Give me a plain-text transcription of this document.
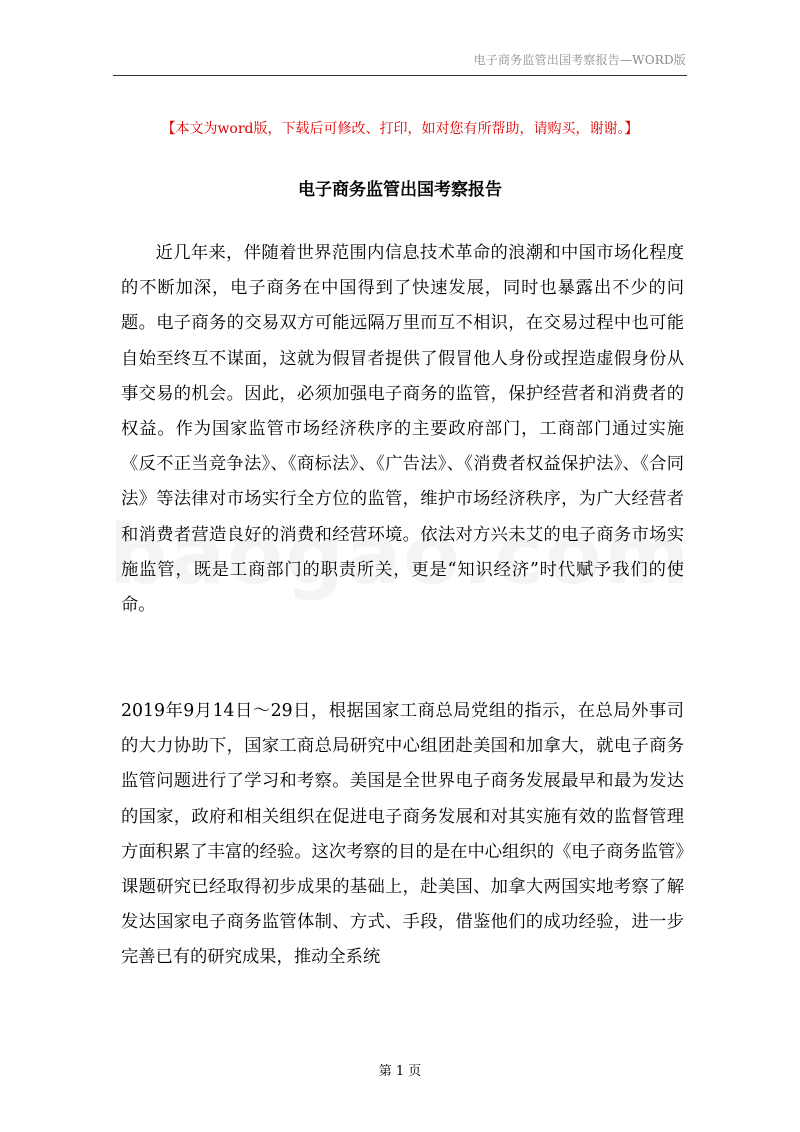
电子商务监管出国考察报告—WORD版
【本文为word版，下载后可修改、打印，如对您有所帮助，请购买，谢谢。】
电子商务监管出国考察报告

近几年来，伴随着世界范围内信息技术革命的浪潮和中国市场化程度的不断加深，电子商务在中国得到了快速发展，同时也暴露出不少的问题。电子商务的交易双方可能远隔万里而互不相识，在交易过程中也可能自始至终互不谋面，这就为假冒者提供了假冒他人身份或捏造虚假身份从事交易的机会。因此，必须加强电子商务的监管，保护经营者和消费者的权益。作为国家监管市场经济秩序的主要政府部门，工商部门通过实施《反不正当竞争法》、《商标法》、《广告法》、《消费者权益保护法》、《合同法》等法律对市场实行全方位的监管，维护市场经济秩序，为广大经营者和消费者营造良好的消费和经营环境。依法对方兴未艾的电子商务市场实施监管，既是工商部门的职责所关，更是“知识经济”时代赋予我们的使命。

2019年9月14日～29日，根据国家工商总局党组的指示，在总局外事司的大力协助下，国家工商总局研究中心组团赴美国和加拿大，就电子商务监管问题进行了学习和考察。美国是全世界电子商务发展最早和最为发达的国家，政府和相关组织在促进电子商务发展和对其实施有效的监督管理方面积累了丰富的经验。这次考察的目的是在中心组织的《电子商务监管》课题研究已经取得初步成果的基础上，赴美国、加拿大两国实地考察了解发达国家电子商务监管体制、方式、手段，借鉴他们的成功经验，进一步完善已有的研究成果，推动全系统

第 1 页
